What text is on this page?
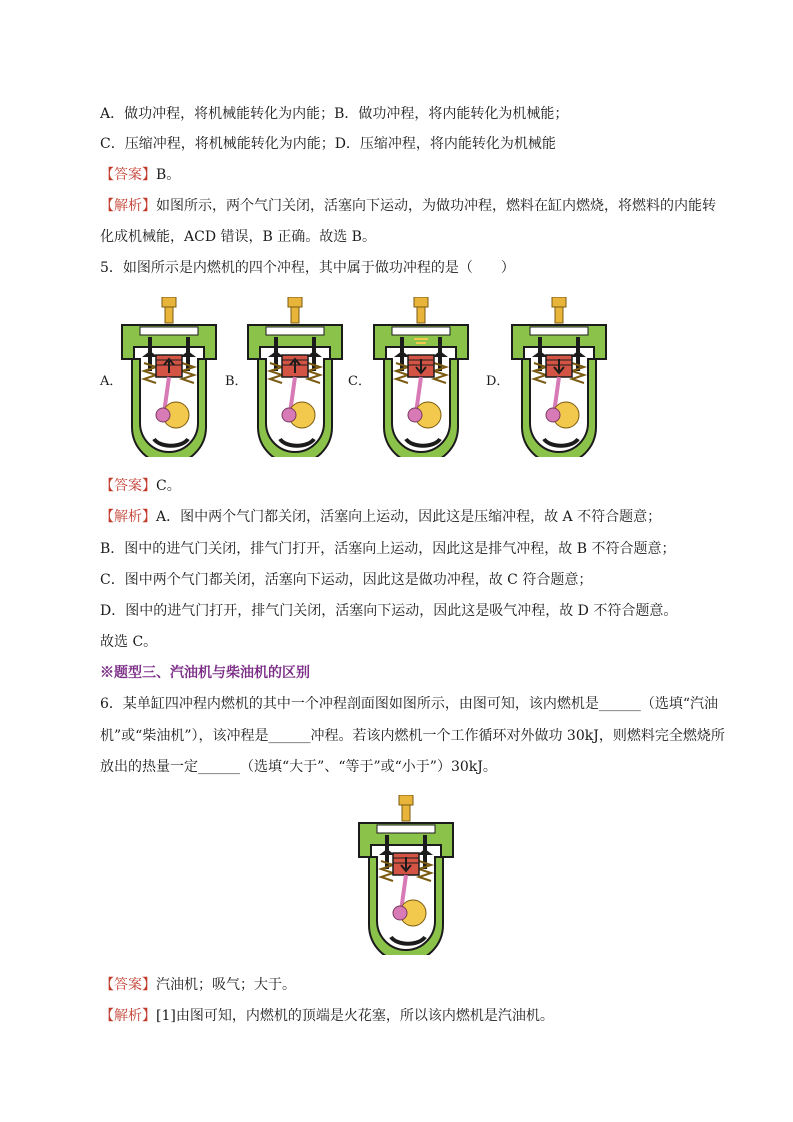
A．做功冲程，将机械能转化为内能；B．做功冲程，将内能转化为机械能；
C．压缩冲程，将机械能转化为内能；D．压缩冲程，将内能转化为机械能
【答案】B。
【解析】如图所示，两个气门关闭，活塞向下运动，为做功冲程，燃料在缸内燃烧，将燃料的内能转
化成机械能，ACD 错误，B 正确。故选 B。
5．如图所示是内燃机的四个冲程，其中属于做功冲程的是（　　）
A．	B．	C．	D．
【答案】C。
【解析】A．图中两个气门都关闭，活塞向上运动，因此这是压缩冲程，故 A 不符合题意；
B．图中的进气门关闭，排气门打开，活塞向上运动，因此这是排气冲程，故 B 不符合题意；
C．图中两个气门都关闭，活塞向下运动，因此这是做功冲程，故 C 符合题意；
D．图中的进气门打开，排气门关闭，活塞向下运动，因此这是吸气冲程，故 D 不符合题意。
故选 C。
※题型三、汽油机与柴油机的区别
6．某单缸四冲程内燃机的其中一个冲程剖面图如图所示，由图可知，该内燃机是______（选填“汽油
机”或“柴油机”），该冲程是______冲程。若该内燃机一个工作循环对外做功 30kJ，则燃料完全燃烧所
放出的热量一定______（选填“大于”、“等于”或“小于”）30kJ。
【答案】汽油机；吸气；大于。
【解析】[1]由图可知，内燃机的顶端是火花塞，所以该内燃机是汽油机。
